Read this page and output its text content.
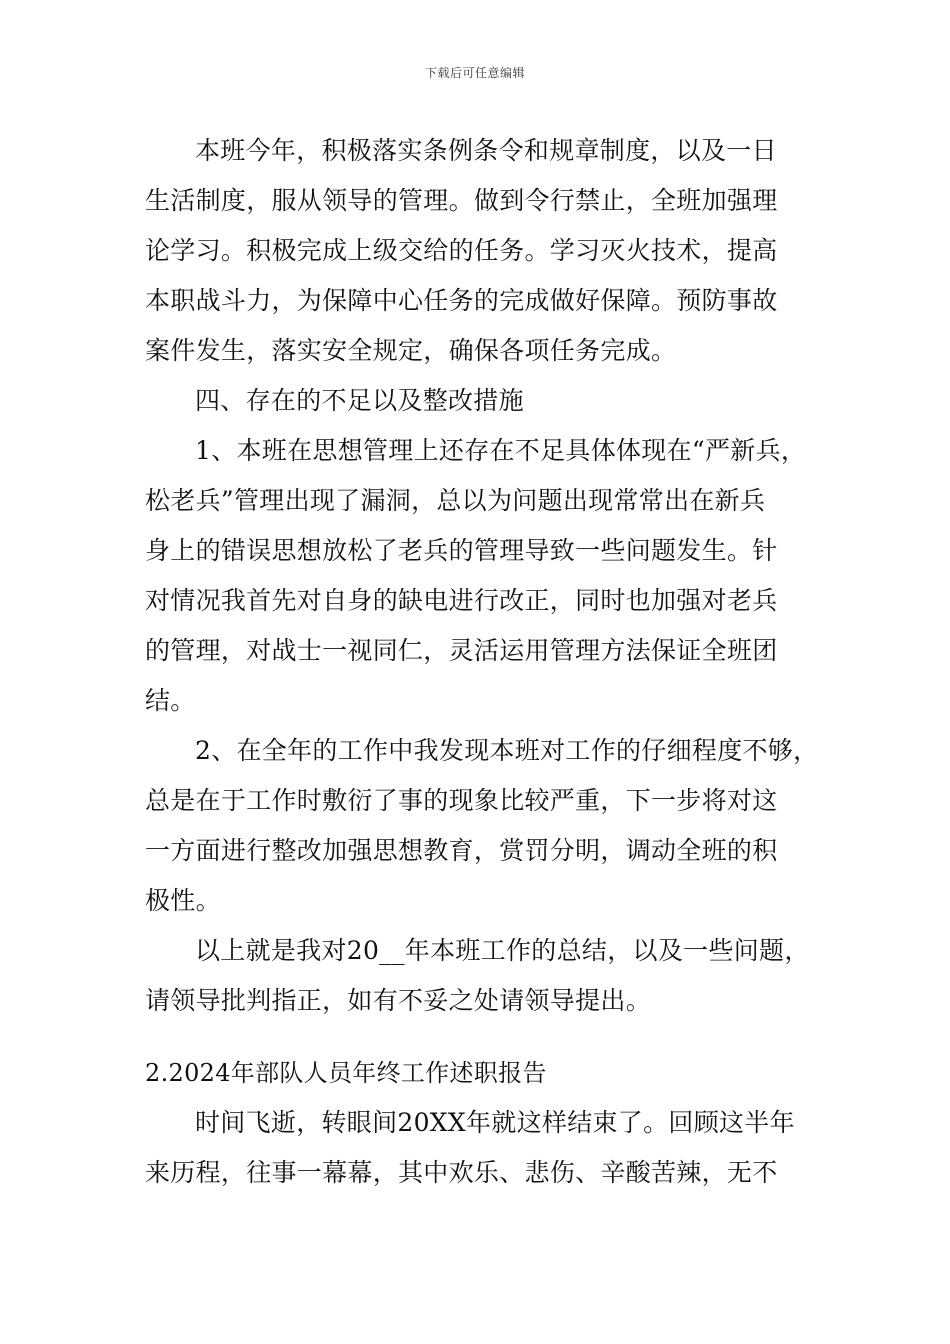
下载后可任意编辑
本班今年，积极落实条例条令和规章制度，以及一日
生活制度，服从领导的管理。做到令行禁止，全班加强理
论学习。积极完成上级交给的任务。学习灭火技术，提高
本职战斗力，为保障中心任务的完成做好保障。预防事故
案件发生，落实安全规定，确保各项任务完成。
四、存在的不足以及整改措施
1、本班在思想管理上还存在不足具体体现在“严新兵，
松老兵”管理出现了漏洞，总以为问题出现常常出在新兵
身上的错误思想放松了老兵的管理导致一些问题发生。针
对情况我首先对自身的缺电进行改正，同时也加强对老兵
的管理，对战士一视同仁，灵活运用管理方法保证全班团
结。
2、在全年的工作中我发现本班对工作的仔细程度不够，
总是在于工作时敷衍了事的现象比较严重，下一步将对这
一方面进行整改加强思想教育，赏罚分明，调动全班的积
极性。
以上就是我对20__年本班工作的总结，以及一些问题，
请领导批判指正，如有不妥之处请领导提出。
2.2024年部队人员年终工作述职报告
时间飞逝，转眼间20XX年就这样结束了。回顾这半年
来历程，往事一幕幕，其中欢乐、悲伤、辛酸苦辣，无不
